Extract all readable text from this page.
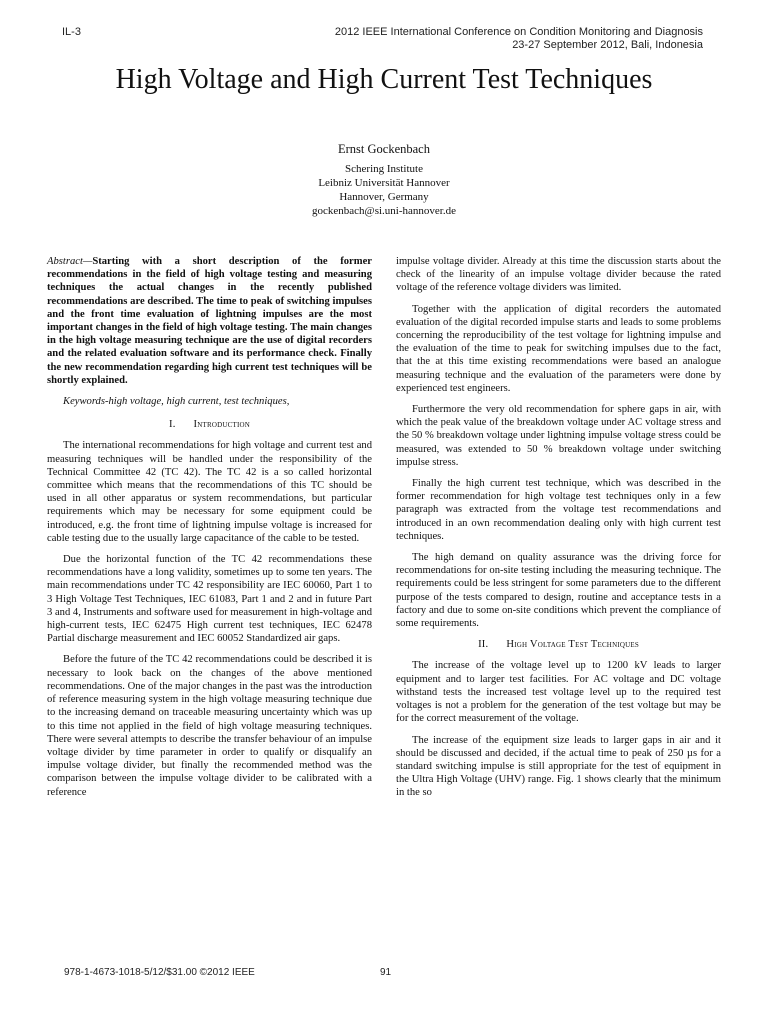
IL-3	2012 IEEE International Conference on Condition Monitoring and Diagnosis
23-27 September 2012, Bali, Indonesia
High Voltage and High Current Test Techniques
Ernst Gockenbach
Schering Institute
Leibniz Universität Hannover
Hannover, Germany
gockenbach@si.uni-hannover.de

Abstract—Starting with a short description of the former recommendations in the field of high voltage testing and measuring techniques the actual changes in the recently published recommendations are described. The time to peak of switching impulses and the front time evaluation of lightning impulses are the most important changes in the field of high voltage testing. The main changes in the high voltage measuring technique are the use of digital recorders and the related evaluation software and its performance check. Finally the new recommendation regarding high current test techniques will be shortly explained.

Keywords-high voltage, high current, test techniques,

I. Introduction

The international recommendations for high voltage and current test and measuring techniques will be handled under the responsibility of the Technical Committee 42 (TC 42). The TC 42 is a so called horizontal committee which means that the recommendations of this TC should be used in all other apparatus or system recommendations, but particular requirements which may be necessary for some equipment could be introduced, e.g. the front time of lightning impulse voltage is increased for cable testing due to the usually large capacitance of the cable to be tested.

Due the horizontal function of the TC 42 recommendations these recommendations have a long validity, sometimes up to some ten years. The main recommendations under TC 42 responsibility are IEC 60060, Part 1 to 3 High Voltage Test Techniques, IEC 61083, Part 1 and 2 and in future Part 3 and 4, Instruments and software used for measurement in high-voltage and high-current tests, IEC 62475 High current test techniques, IEC 62478 Partial discharge measurement and IEC 60052 Standardized air gaps.

Before the future of the TC 42 recommendations could be described it is necessary to look back on the changes of the above mentioned recommendations. One of the major changes in the past was the introduction of reference measuring system in the high voltage measuring technique due to the increasing demand on traceable measuring uncertainty which was up to this time not applied in the field of high voltage measuring techniques. There were several attempts to describe the transfer behaviour of an impulse voltage divider by time parameter in order to qualify or disqualify an impulse voltage divider, but finally the recommended method was the comparison between the impulse voltage divider to be calibrated with a reference

impulse voltage divider. Already at this time the discussion starts about the check of the linearity of an impulse voltage divider because the rated voltage of the reference voltage dividers was limited.

Together with the application of digital recorders the automated evaluation of the digital recorded impulse starts and leads to some problems concerning the reproducibility of the test voltage for lightning impulse and the evaluation of the time to peak for switching impulses due to the fact, that the at this time existing recommendations were based an analogue measuring technique and the evaluation of the parameters were done by experienced test engineers.

Furthermore the very old recommendation for sphere gaps in air, with which the peak value of the breakdown voltage under AC voltage stress and the 50 % breakdown voltage under lightning impulse voltage stress could be measured, was extended to 50 % breakdown voltage under switching impulse stress.

Finally the high current test technique, which was described in the former recommendation for high voltage test techniques only in a few paragraph was extracted from the voltage test recommendations and introduced in an own recommendation dealing only with high current test techniques.

The high demand on quality assurance was the driving force for recommendations for on-site testing including the measuring technique. The requirements could be less stringent for some parameters due to the different purpose of the tests compared to design, routine and acceptance tests in a factory and due to some on-site conditions which prevent the compliance of some requirements.

II. High Voltage Test Techniques

The increase of the voltage level up to 1200 kV leads to larger equipment and to larger test facilities. For AC voltage and DC voltage withstand tests the increased test voltage level up to the required test voltages is not a problem for the generation of the test voltage but may be for the correct measurement of the voltage.

The increase of the equipment size leads to larger gaps in air and it should be discussed and decided, if the actual time to peak of 250 µs for a standard switching impulse is still appropriate for the test of equipment in the Ultra High Voltage (UHV) range. Fig. 1 shows clearly that the minimum in the so

978-1-4673-1018-5/12/$31.00 ©2012 IEEE	91
